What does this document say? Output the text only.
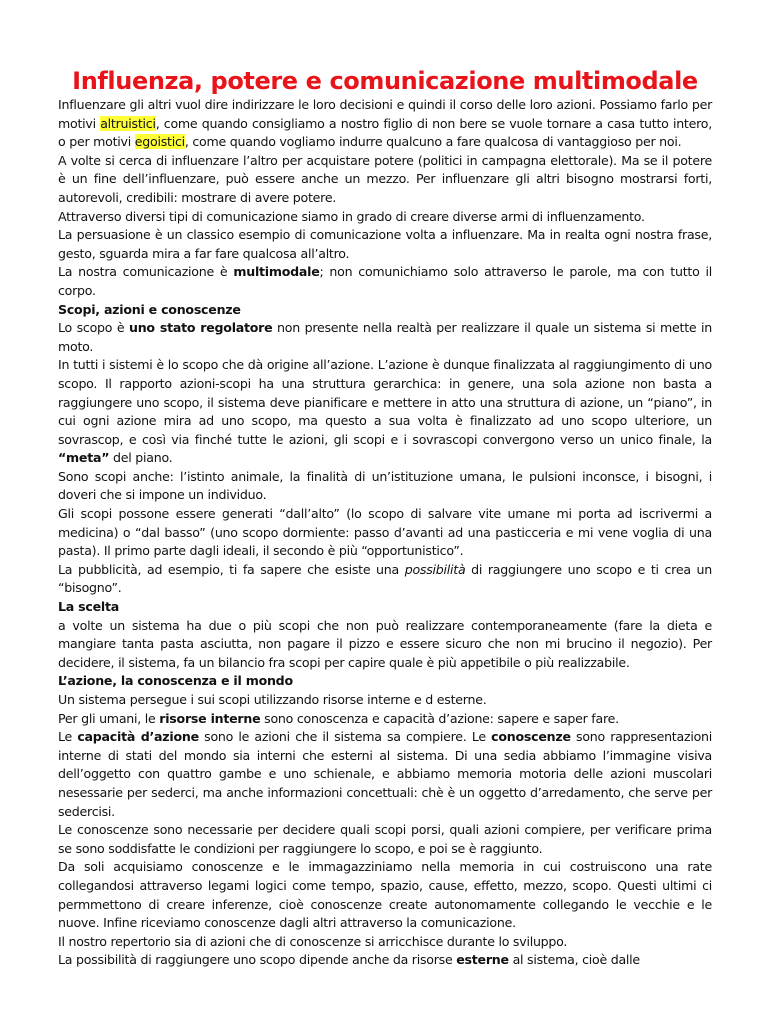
Influenza, potere e comunicazione multimodale

Influenzare gli altri vuol dire indirizzare le loro decisioni e quindi il corso delle loro azioni. Possiamo farlo per motivi altruistici, come quando consigliamo a nostro figlio di non bere se vuole tornare a casa tutto intero, o per motivi egoistici, come quando vogliamo indurre qualcuno a fare qualcosa di vantaggioso per noi.

A volte si cerca di influenzare l’altro per acquistare potere (politici in campagna elettorale). Ma se il potere è un fine dell’influenzare, può essere anche un mezzo. Per influenzare gli altri bisogno mostrarsi forti, autorevoli, credibili: mostrare di avere potere.

Attraverso diversi tipi di comunicazione siamo in grado di creare diverse armi di influenzamento.

La persuasione è un classico esempio di comunicazione volta a influenzare. Ma in realta ogni nostra frase, gesto, sguarda mira a far fare qualcosa all’altro.

La nostra comunicazione è multimodale; non comunichiamo solo attraverso le parole, ma con tutto il corpo.

Scopi, azioni e conoscenze

Lo scopo è uno stato regolatore non presente nella realtà per realizzare il quale un sistema si mette in moto.

In tutti i sistemi è lo scopo che dà origine all’azione. L’azione è dunque finalizzata al raggiungimento di uno scopo. Il rapporto azioni-scopi ha una struttura gerarchica: in genere, una sola azione non basta a raggiungere uno scopo, il sistema deve pianificare e mettere in atto una struttura di azione, un “piano”, in cui ogni azione mira ad uno scopo, ma questo a sua volta è finalizzato ad uno scopo ulteriore, un sovrascop, e così via finché tutte le azioni, gli scopi e i sovrascopi convergono verso un unico finale, la “meta” del piano.

Sono scopi anche: l’istinto animale, la finalità di un’istituzione umana, le pulsioni inconsce, i bisogni, i doveri che si impone un individuo.

Gli scopi possone essere generati “dall’alto” (lo scopo di salvare vite umane mi porta ad iscrivermi a medicina) o “dal basso” (uno scopo dormiente: passo d’avanti ad una pasticceria e mi vene voglia di una pasta). Il primo parte dagli ideali, il secondo è più “opportunistico”.

La pubblicità, ad esempio, ti fa sapere che esiste una possibilità di raggiungere uno scopo e ti crea un “bisogno”.

La scelta

a volte un sistema ha due o più scopi che non può realizzare contemporaneamente (fare la dieta e mangiare tanta pasta asciutta, non pagare il pizzo e essere sicuro che non mi brucino il negozio). Per decidere, il sistema, fa un bilancio fra scopi per capire quale è più appetibile o più realizzabile.

L’azione, la conoscenza e il mondo

Un sistema persegue i sui scopi utilizzando risorse interne e d esterne.

Per gli umani, le risorse interne sono conoscenza e capacità d’azione: sapere e saper fare.

Le capacità d’azione sono le azioni che il sistema sa compiere. Le conoscenze sono rappresentazioni interne di stati del mondo sia interni che esterni al sistema. Di una sedia abbiamo l’immagine visiva dell’oggetto con quattro gambe e uno schienale, e abbiamo memoria motoria delle azioni muscolari nesessarie per sederci, ma anche informazioni concettuali: chè è un oggetto d’arredamento, che serve per sedercisi.

Le conoscenze sono necessarie per decidere quali scopi porsi, quali azioni compiere, per verificare prima se sono soddisfatte le condizioni per raggiungere lo scopo, e poi se è raggiunto.

Da soli acquisiamo conoscenze e le immagazziniamo nella memoria in cui costruiscono una rate collegandosi attraverso legami logici come tempo, spazio, cause, effetto, mezzo, scopo. Questi ultimi ci permmettono di creare inferenze, cioè conoscenze create autonomamente collegando le vecchie e le nuove. Infine riceviamo conoscenze dagli altri attraverso la comunicazione.

Il nostro repertorio sia di azioni che di conoscenze si arricchisce durante lo sviluppo.

La possibilità di raggiungere uno scopo dipende anche da risorse esterne al sistema, cioè dalle
